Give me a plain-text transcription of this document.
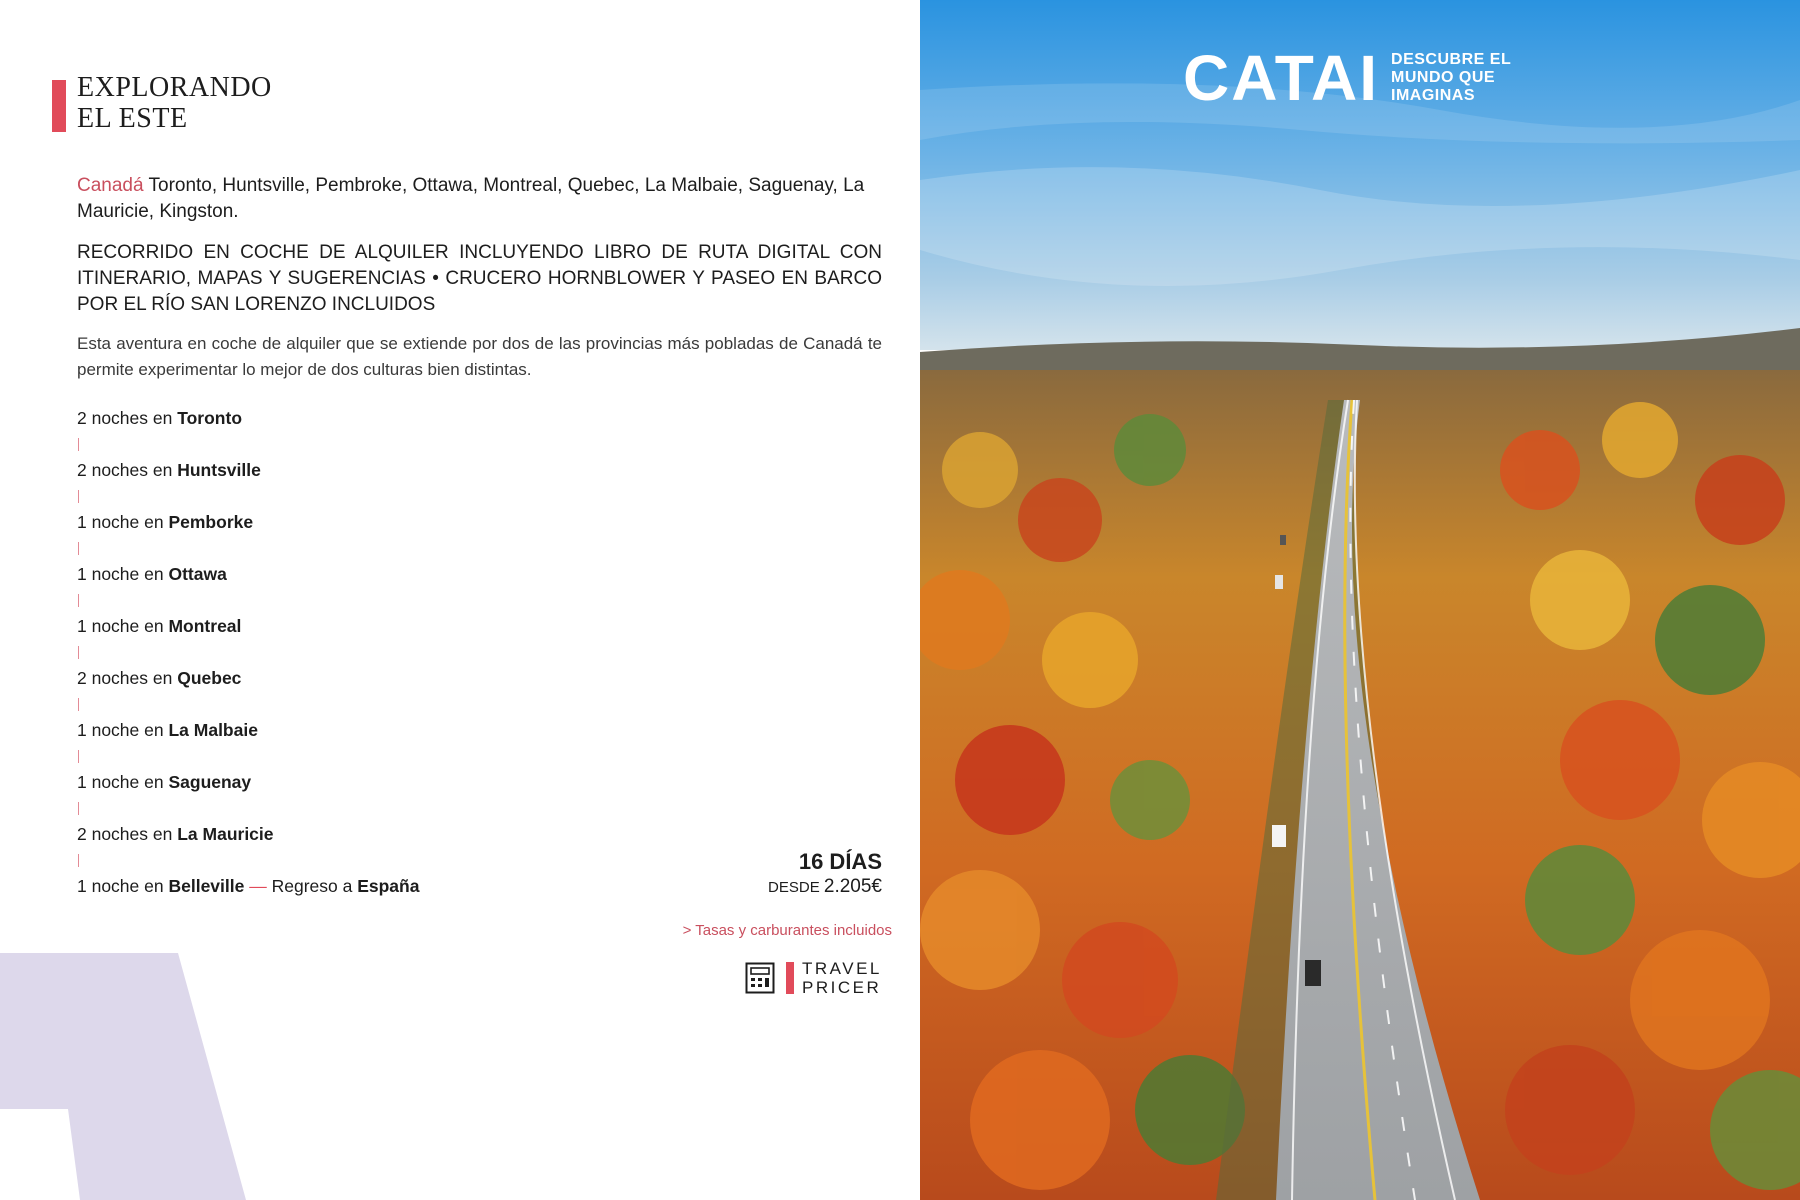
EXPLORANDO
EL ESTE

Canadá Toronto, Huntsville, Pembroke, Ottawa, Montreal, Quebec, La Malbaie, Saguenay, La Mauricie, Kingston.

RECORRIDO EN COCHE DE ALQUILER INCLUYENDO LIBRO DE RUTA DIGITAL CON ITINERARIO, MAPAS Y SUGERENCIAS • CRUCERO HORNBLOWER Y PASEO EN BARCO POR EL RÍO SAN LORENZO INCLUIDOS

Esta aventura en coche de alquiler que se extiende por dos de las provincias más pobladas de Canadá te permite experimentar lo mejor de dos culturas bien distintas.

2 noches en Toronto
2 noches en Huntsville
1 noche en Pemborke
1 noche en Ottawa
1 noche en Montreal
2 noches en Quebec
1 noche en La Malbaie
1 noche en Saguenay
2 noches en La Mauricie
1 noche en Belleville — Regreso a España
16 DÍAS
DESDE 2.205€
> Tasas y carburantes incluidos
TRAVEL
PRICER
CATAI DESCUBRE EL
MUNDO QUE
IMAGINAS
